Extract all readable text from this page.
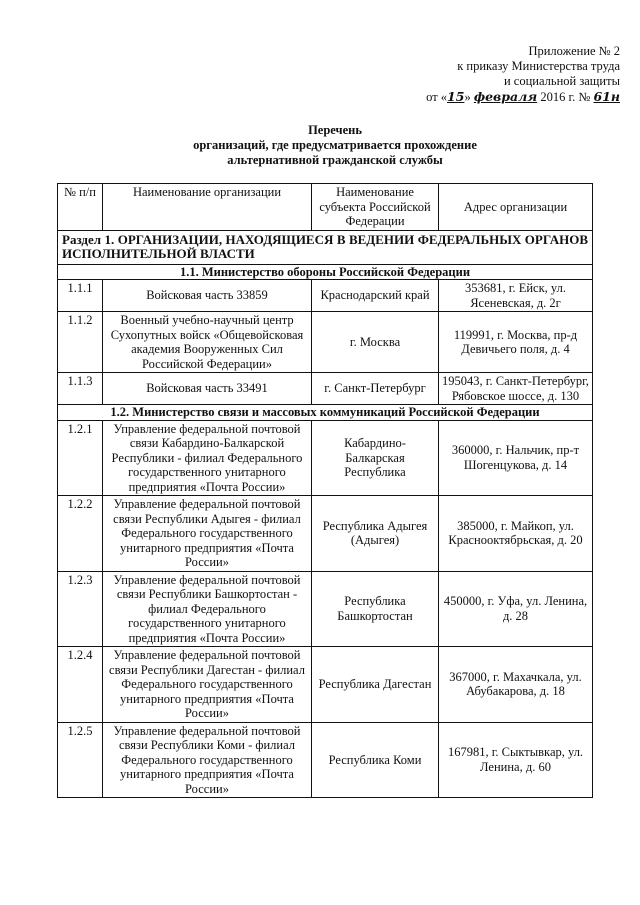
Приложение № 2
к приказу Министерства труда
и социальной защиты
от «15» февраля 2016 г. № 61н
Перечень
организаций, где предусматривается прохождение
альтернативной гражданской службы
№ п/п	Наименование организации	Наименование субъекта Российской Федерации	Адрес организации
Раздел 1. ОРГАНИЗАЦИИ, НАХОДЯЩИЕСЯ В ВЕДЕНИИ ФЕДЕРАЛЬНЫХ ОРГАНОВ ИСПОЛНИТЕЛЬНОЙ ВЛАСТИ			
1.1. Министерство обороны Российской Федерации			
1.1.1	Войсковая часть 33859	Краснодарский край	353681, г. Ейск, ул. Ясеневская, д. 2г
1.1.2	Военный учебно-научный центр Сухопутных войск «Общевойсковая академия Вооруженных Сил Российской Федерации»	г. Москва	119991, г. Москва, пр-д Девичьего поля, д. 4
1.1.3	Войсковая часть 33491	г. Санкт-Петербург	195043, г. Санкт-Петербург, Рябовское шоссе, д. 130
1.2. Министерство связи и массовых коммуникаций Российской Федерации			
1.2.1	Управление федеральной почтовой связи Кабардино-Балкарской Республики - филиал Федерального государственного унитарного предприятия «Почта России»	Кабардино-Балкарская Республика	360000, г. Нальчик, пр-т Шогенцукова, д. 14
1.2.2	Управление федеральной почтовой связи Республики Адыгея - филиал Федерального государственного унитарного предприятия «Почта России»	Республика Адыгея (Адыгея)	385000, г. Майкоп, ул. Краснооктябрьская, д. 20
1.2.3	Управление федеральной почтовой связи Республики Башкортостан - филиал Федерального государственного унитарного предприятия «Почта России»	Республика Башкортостан	450000, г. Уфа, ул. Ленина, д. 28
1.2.4	Управление федеральной почтовой связи Республики Дагестан - филиал Федерального государственного унитарного предприятия «Почта России»	Республика Дагестан	367000, г. Махачкала, ул. Абубакарова, д. 18
1.2.5	Управление федеральной почтовой связи Республики Коми - филиал Федерального государственного унитарного предприятия «Почта России»	Республика Коми	167981, г. Сыктывкар, ул. Ленина, д. 60
